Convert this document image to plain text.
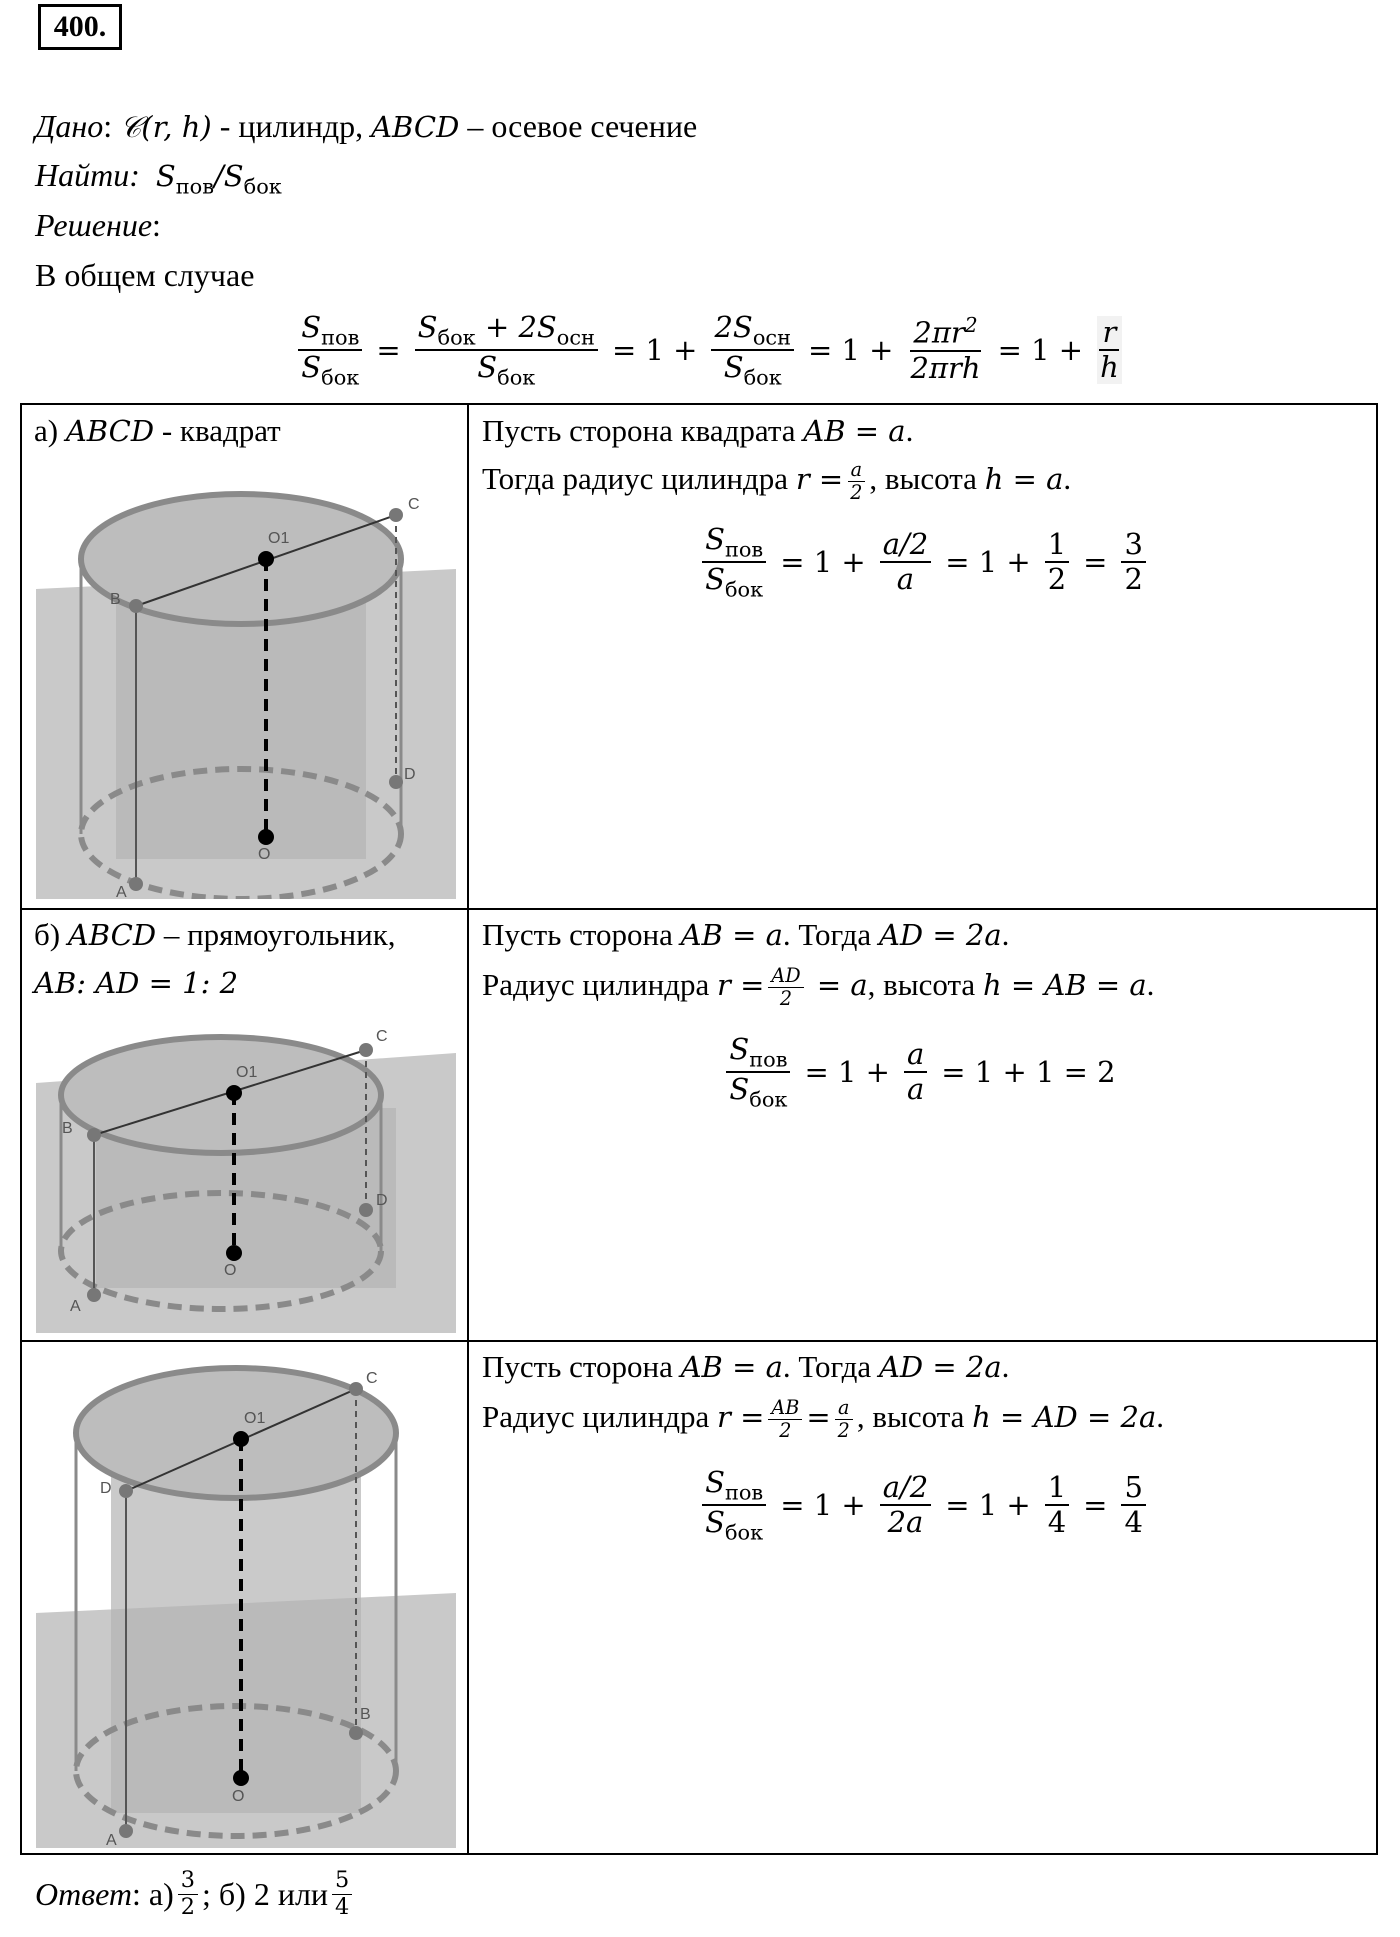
400.
Дано: 𝒞(r, h) - цилиндр, ABCD – осевое сечение
Найти: $S_{пов}/S_{бок}$
Решение:
В общем случае
$\frac{S_{пов}}{S_{бок}} = \frac{S_{бок} + 2S_{осн}}{S_{бок}} = 1 + \frac{2S_{осн}}{S_{бок}} = 1 + \frac{2\pi r^2}{\text{2πrh}} = 1 + \frac{r}{h}$
а) ABCD - квадрат
C
O1
B
D
O
A
Пусть сторона квадрата AB = a.
Тогда радиус цилиндра $r = \frac{a}{2}$ , высота h = a.
$\frac{S_{пов}}{S_{бок}} = 1 + \frac{a/2}{a} = 1 + \frac{1}{2} = \frac{3}{2}$
б) ABCD – прямоугольник,
AB: AD = 1: 2
C
O1
B
D
O
A
Пусть сторона AB = a. Тогда AD = 2a.
Радиус цилиндра $r = \frac{AD}{2} = a$, высота h = AB = a.
$\frac{S_{пов}}{S_{бок}} = 1 + \frac{a}{a} = 1 + 1 = 2$
C
O1
D
B
O
A
Пусть сторона AB = a. Тогда AD = 2a.
Радиус цилиндра $r = \frac{AB}{2} = \frac{a}{2}$ , высота h = AD = 2a.
$\frac{S_{пов}}{S_{бок}} = 1 + \frac{a/2}{2a} = 1 + \frac{1}{4} = \frac{5}{4}$
Ответ : $а) \frac{3}{2}$ ; б) 2 или $\frac{5}{4}$
